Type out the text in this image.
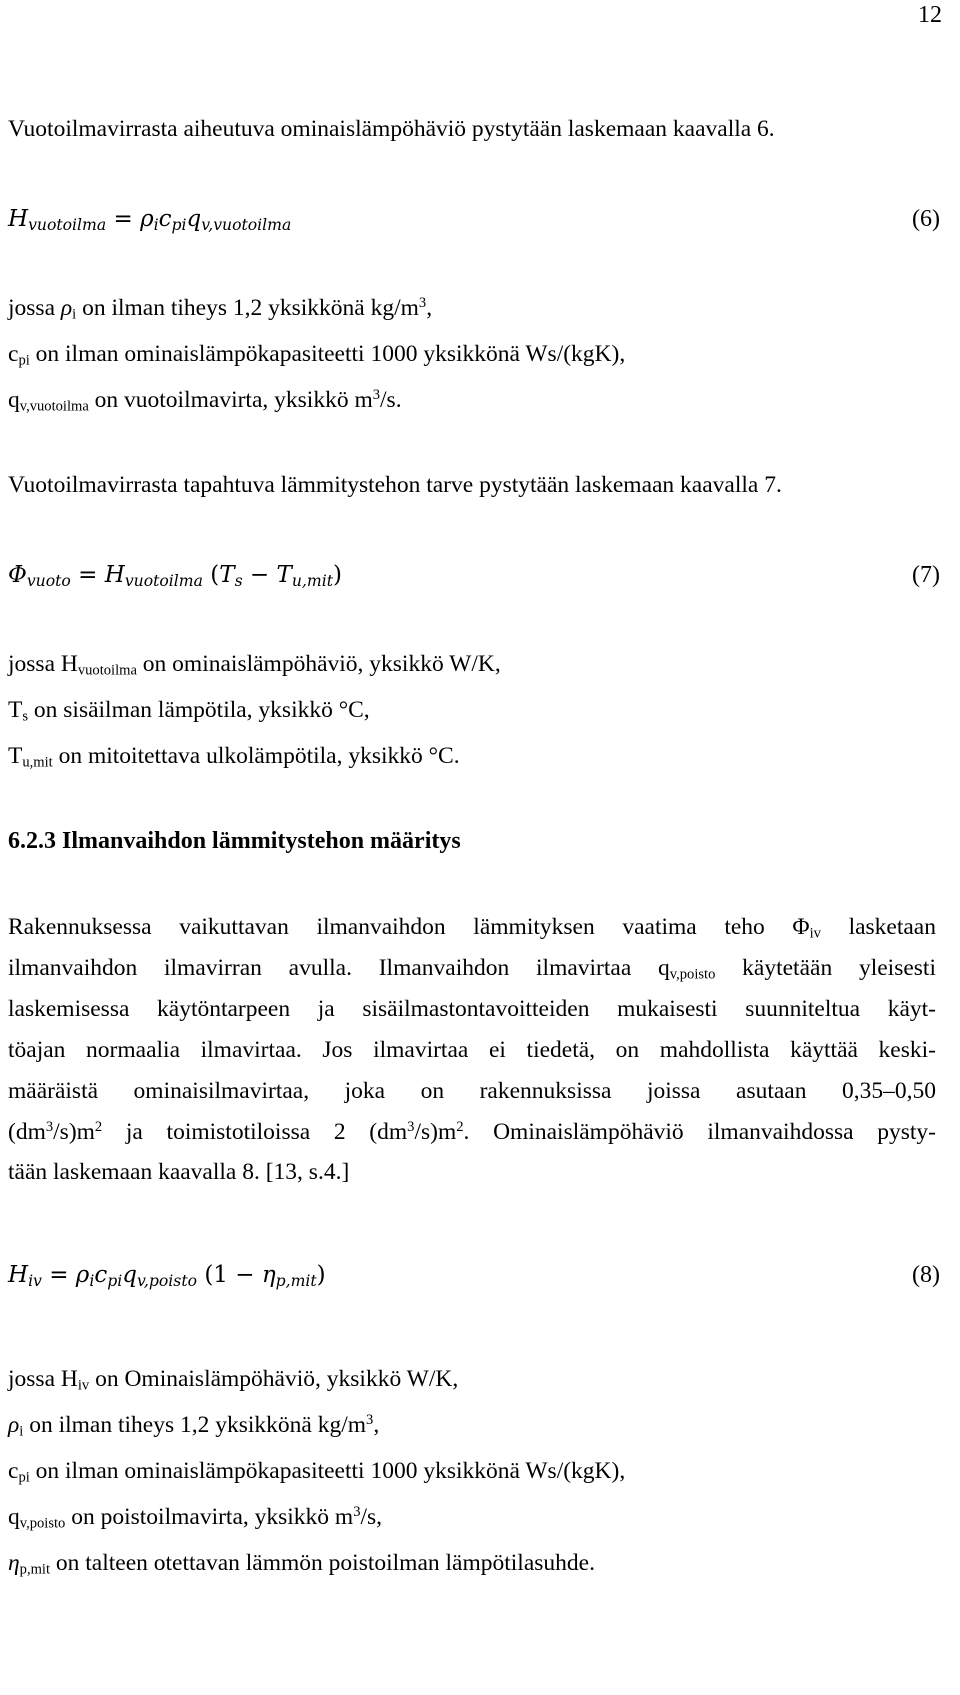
12
Vuotoilmavirrasta aiheutuva ominaislämpöhäviö pystytään laskemaan kaavalla 6.
$H_{vuotoilma} = \rho_ic_{pi}q_{v,vuotoilma}$	(6)
jossa $\rho_i$ on ilman tiheys 1,2 yksikkönä $kg/m^3$,
$c_{pi}$ on ilman ominaislämpökapasiteetti 1000 yksikkönä Ws/(kgK),
$q_{v,vuotoilma}$ on vuotoilmavirta, yksikkö $m^3/s$.
Vuotoilmavirrasta tapahtuva lämmitystehon tarve pystytään laskemaan kaavalla 7.
$\Phi_{vuoto} = H_{vuotoilma}$ $(T_s - T_{u,mit})$	(7)
jossa $H_{vuotoilma}$ on ominaislämpöhäviö, yksikkö W/K,
$T_s$ on sisäilman lämpötila, yksikkö °C,
$T_{u,mit}$ on mitoitettava ulkolämpötila, yksikkö °C.
6.2.3 Ilmanvaihdon lämmitystehon määritys
Rakennuksessa vaikuttavan ilmanvaihdon lämmityksen vaatima teho $\Phi_{iv}$ lasketaan
ilmanvaihdon ilmavirran avulla. Ilmanvaihdon ilmavirtaa $q_{v,poisto}$ käytetään yleisesti
laskemisessa käytöntarpeen ja sisäilmastontavoitteiden mukaisesti suunniteltua käyt-
töajan normaalia ilmavirtaa. Jos ilmavirtaa ei tiedetä, on mahdollista käyttää keski-
määräistä ominaisilmavirtaa, joka on rakennuksissa joissa asutaan 0,35–0,50
$(dm^3/s)m^2$ ja toimistotiloissa 2 $(dm^3/s)m^2$. Ominaislämpöhäviö ilmanvaihdossa pysty-
tään laskemaan kaavalla 8. [13, s.4.]
$H_{iv} = \rho_ic_{pi}q_{v,poisto}$ $(1 - \eta_{p,mit})$	(8)
jossa $H_{iv}$ on Ominaislämpöhäviö, yksikkö W/K,
$\rho_i$ on ilman tiheys 1,2 yksikkönä $kg/m^3$,
$c_{pi}$ on ilman ominaislämpökapasiteetti 1000 yksikkönä Ws/(kgK),
$q_{v,poisto}$ on poistoilmavirta, yksikkö $m^3/s$,
$\eta_{p,mit}$ on talteen otettavan lämmön poistoilman lämpötilasuhde.
